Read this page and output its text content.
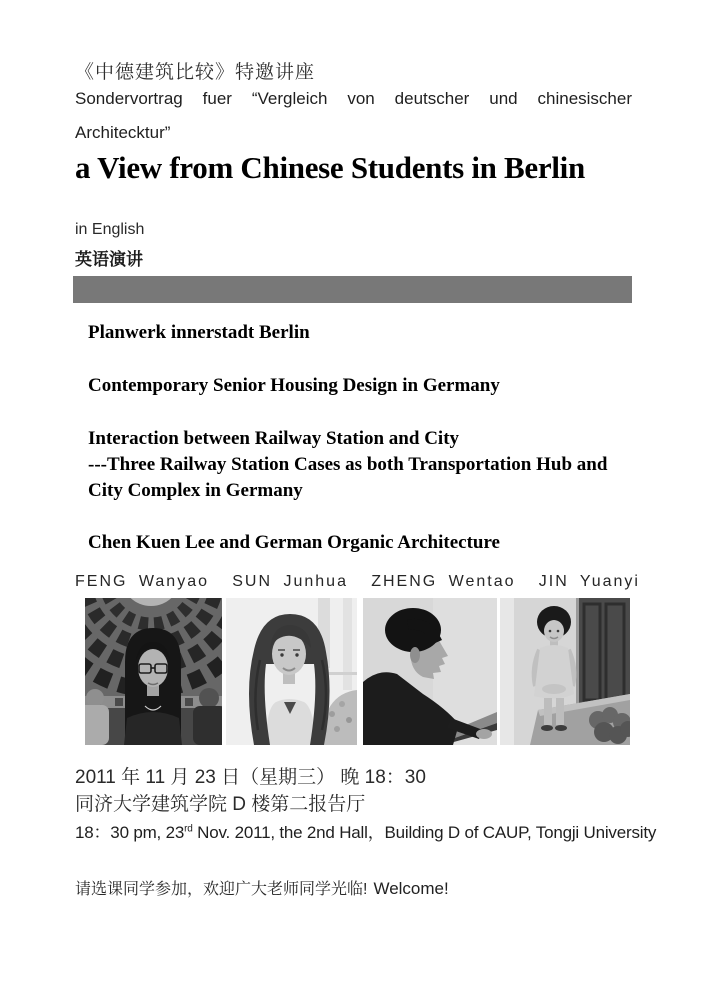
《中德建筑比较》特邀讲座
Sondervortrag fuer “Vergleich von deutscher und chinesischer
Architecktur”
a View from Chinese Students in Berlin
in English
英语演讲
Planwerk innerstadt Berlin
Contemporary Senior Housing Design in Germany
Interaction between Railway Station and City
---Three Railway Station Cases as both Transportation Hub and
City Complex in Germany
Chen Kuen Lee and German Organic Architecture
FENG Wanyao SUN Junhua ZHENG Wentao JIN Yuanyi
2011 年 11 月 23 日（星期三） 晚 18：30
同济大学建筑学院 D 楼第二报告厅
18：30 pm, 23rd Nov. 2011, the 2nd Hall，Building D of CAUP, Tongji University
请选课同学参加，欢迎广大老师同学光临! Welcome!
